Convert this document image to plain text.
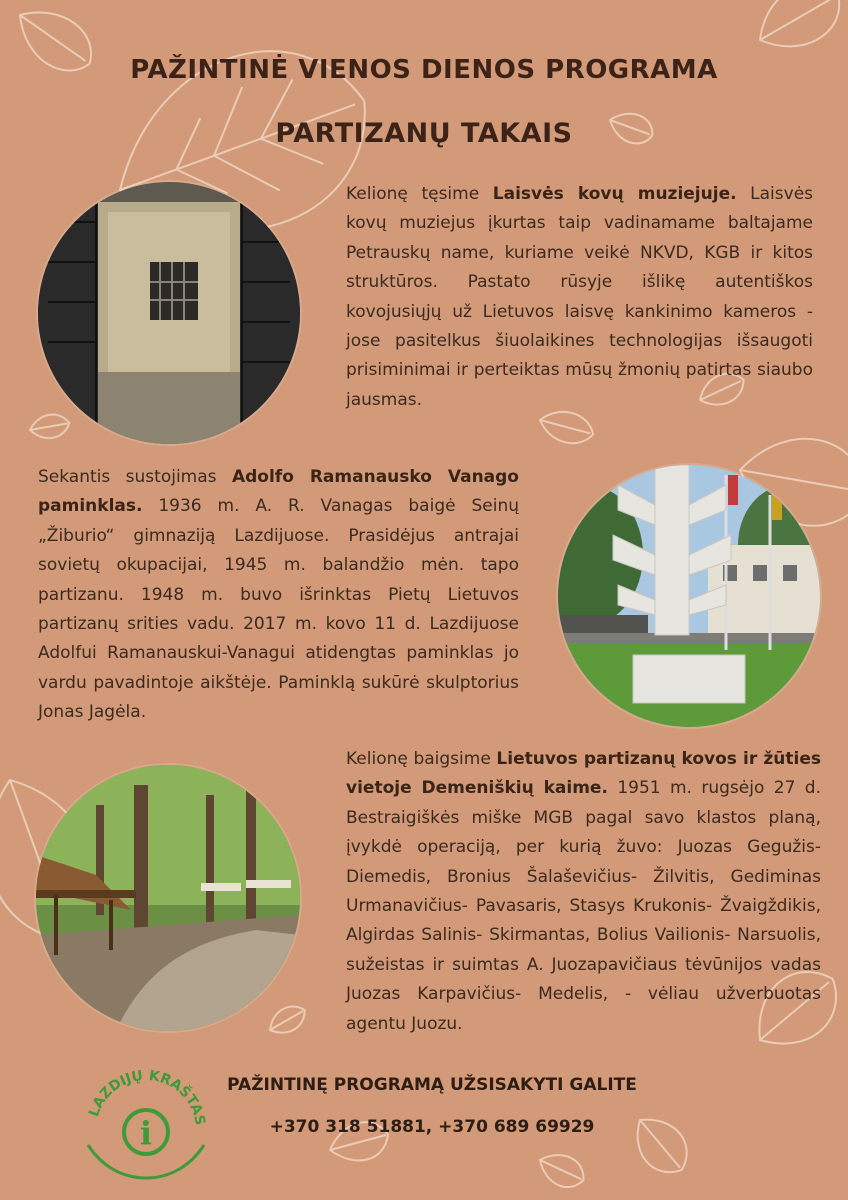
PAŽINTINĖ VIENOS DIENOS PROGRAMA
PARTIZANŲ TAKAIS
Kelionę tęsime Laisvės kovų muziejuje. Laisvės kovų muziejus įkurtas taip vadinamame baltajame Petrauskų name, kuriame veikė NKVD, KGB ir kitos struktūros. Pastato rūsyje išlikę autentiškos kovojusiųjų už Lietuvos laisvę kankinimo kameros - jose pasitelkus šiuolaikines technologijas išsaugoti prisiminimai ir perteiktas mūsų žmonių patirtas siaubo jausmas.
Sekantis sustojimas Adolfo Ramanausko Vanago paminklas. 1936 m. A. R. Vanagas baigė Seinų „Žiburio“ gimnaziją Lazdijuose. Prasidėjus antrajai sovietų okupacijai, 1945 m. balandžio mėn. tapo partizanu. 1948 m. buvo išrinktas Pietų Lietuvos partizanų srities vadu. 2017 m. kovo 11 d. Lazdijuose Adolfui Ramanauskui-Vanagui atidengtas paminklas jo vardu pavadintoje aikštėje. Paminklą sukūrė skulptorius Jonas Jagėla.
Kelionę baigsime Lietuvos partizanų kovos ir žūties vietoje Demeniškių kaime. 1951 m. rugsėjo 27 d. Bestraigiškės miške MGB pagal savo klastos planą, įvykdė operaciją, per kurią žuvo: Juozas Gegužis- Diemedis, Bronius Šalaševičius- Žilvitis, Gediminas Urmanavičius- Pavasaris, Stasys Krukonis- Žvaigždikis, Algirdas Salinis- Skirmantas, Bolius Vailionis- Narsuolis, sužeistas ir suimtas A. Juozapavičiaus tėvūnijos vadas Juozas Karpavičius- Medelis, - vėliau užverbuotas agentu Juozu.
LAZDIJŲ KRAŠTAS
i
PAŽINTINĘ PROGRAMĄ UŽSISAKYTI GALITE
+370 318 51881, +370 689 69929
